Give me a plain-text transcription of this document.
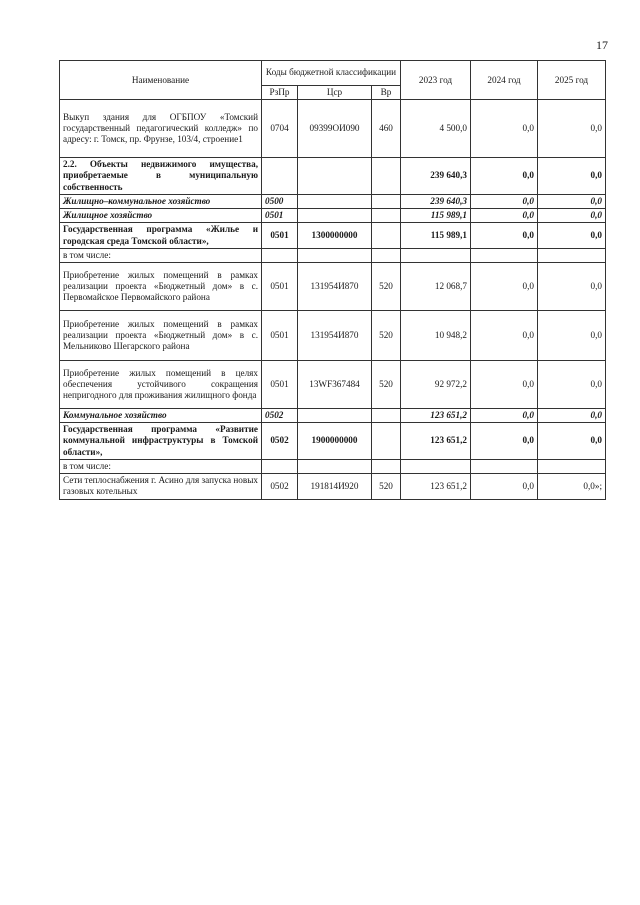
17
Наименование	Коды бюджетной классификации			2023 год	2024 год	2025 год
	РзПр	Цср	Вр			
Выкуп здания для ОГБПОУ «Томский государственный педагогический колледж» по адресу: г. Томск, пр. Фрунзе, 103/4, строение1	0704	09399ОИ090	460	4 500,0	0,0	0,0
2.2. Объекты недвижимого имущества, приобретаемые в муниципальную собственность				239 640,3	0,0	0,0
Жилищно–коммунальное хозяйство	0500			239 640,3	0,0	0,0
Жилищное хозяйство	0501			115 989,1	0,0	0,0
Государственная программа «Жилье и городская среда Томской области»,	0501	1300000000		115 989,1	0,0	0,0
в том числе:						
Приобретение жилых помещений в рамках реализации проекта «Бюджетный дом» в с. Первомайское Первомайского района	0501	131954И870	520	12 068,7	0,0	0,0
Приобретение жилых помещений в рамках реализации проекта «Бюджетный дом» в с. Мельниково Шегарского района	0501	131954И870	520	10 948,2	0,0	0,0
Приобретение жилых помещений в целях обеспечения устойчивого сокращения непригодного для проживания жилищного фонда	0501	13WF367484	520	92 972,2	0,0	0,0
Коммунальное хозяйство	0502			123 651,2	0,0	0,0
Государственная программа «Развитие коммунальной инфраструктуры в Томской области»,	0502	1900000000		123 651,2	0,0	0,0
в том числе:						
Сети теплоснабжения г. Асино для запуска новых газовых котельных	0502	191814И920	520	123 651,2	0,0	0,0»;
